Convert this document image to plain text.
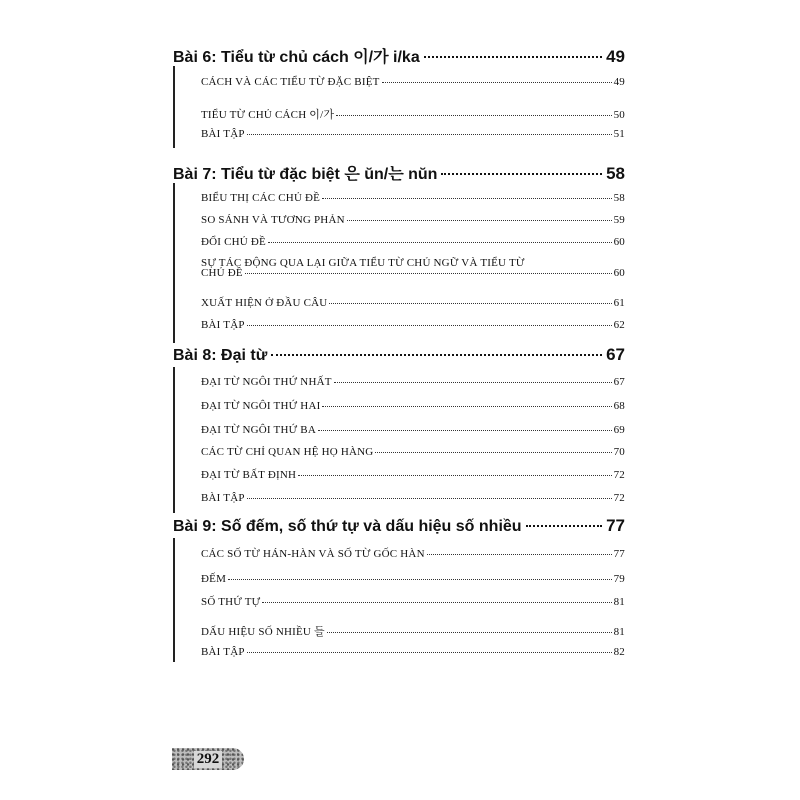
Bài 6: Tiểu từ chủ cách 이/가 i/ka	49
CÁCH VÀ CÁC TIỂU TỪ ĐẶC BIỆT	49
TIỂU TỪ CHỦ CÁCH 이/가	50
BÀI TẬP	51
Bài 7: Tiểu từ đặc biệt 은 ŭn/는 nŭn	58
BIỂU THỊ CÁC CHỦ ĐỀ	58
SO SÁNH VÀ TƯƠNG PHẢN	59
ĐỔI CHỦ ĐỀ	60
SỰ TÁC ĐỘNG QUA LẠI GIỮA TIỂU TỪ CHỦ NGỮ VÀ TIỂU TỪ
CHỦ ĐỀ	60
XUẤT HIỆN Ở ĐẦU CÂU	61
BÀI TẬP	62
Bài 8: Đại từ	67
ĐẠI TỪ NGÔI THỨ NHẤT	67
ĐẠI TỪ NGÔI THỨ HAI	68
ĐẠI TỪ NGÔI THỨ BA	69
CÁC TỪ CHỈ QUAN HỆ HỌ HÀNG	70
ĐẠI TỪ BẤT ĐỊNH	72
BÀI TẬP	72
Bài 9: Số đếm, số thứ tự và dấu hiệu số nhiều	77
CÁC SỐ TỪ HÁN-HÀN VÀ SỐ TỪ GỐC HÀN	77
ĐẾM	79
SỐ THỨ TỰ	81
DẤU HIỆU SỐ NHIỀU 들	81
BÀI TẬP	82
292
